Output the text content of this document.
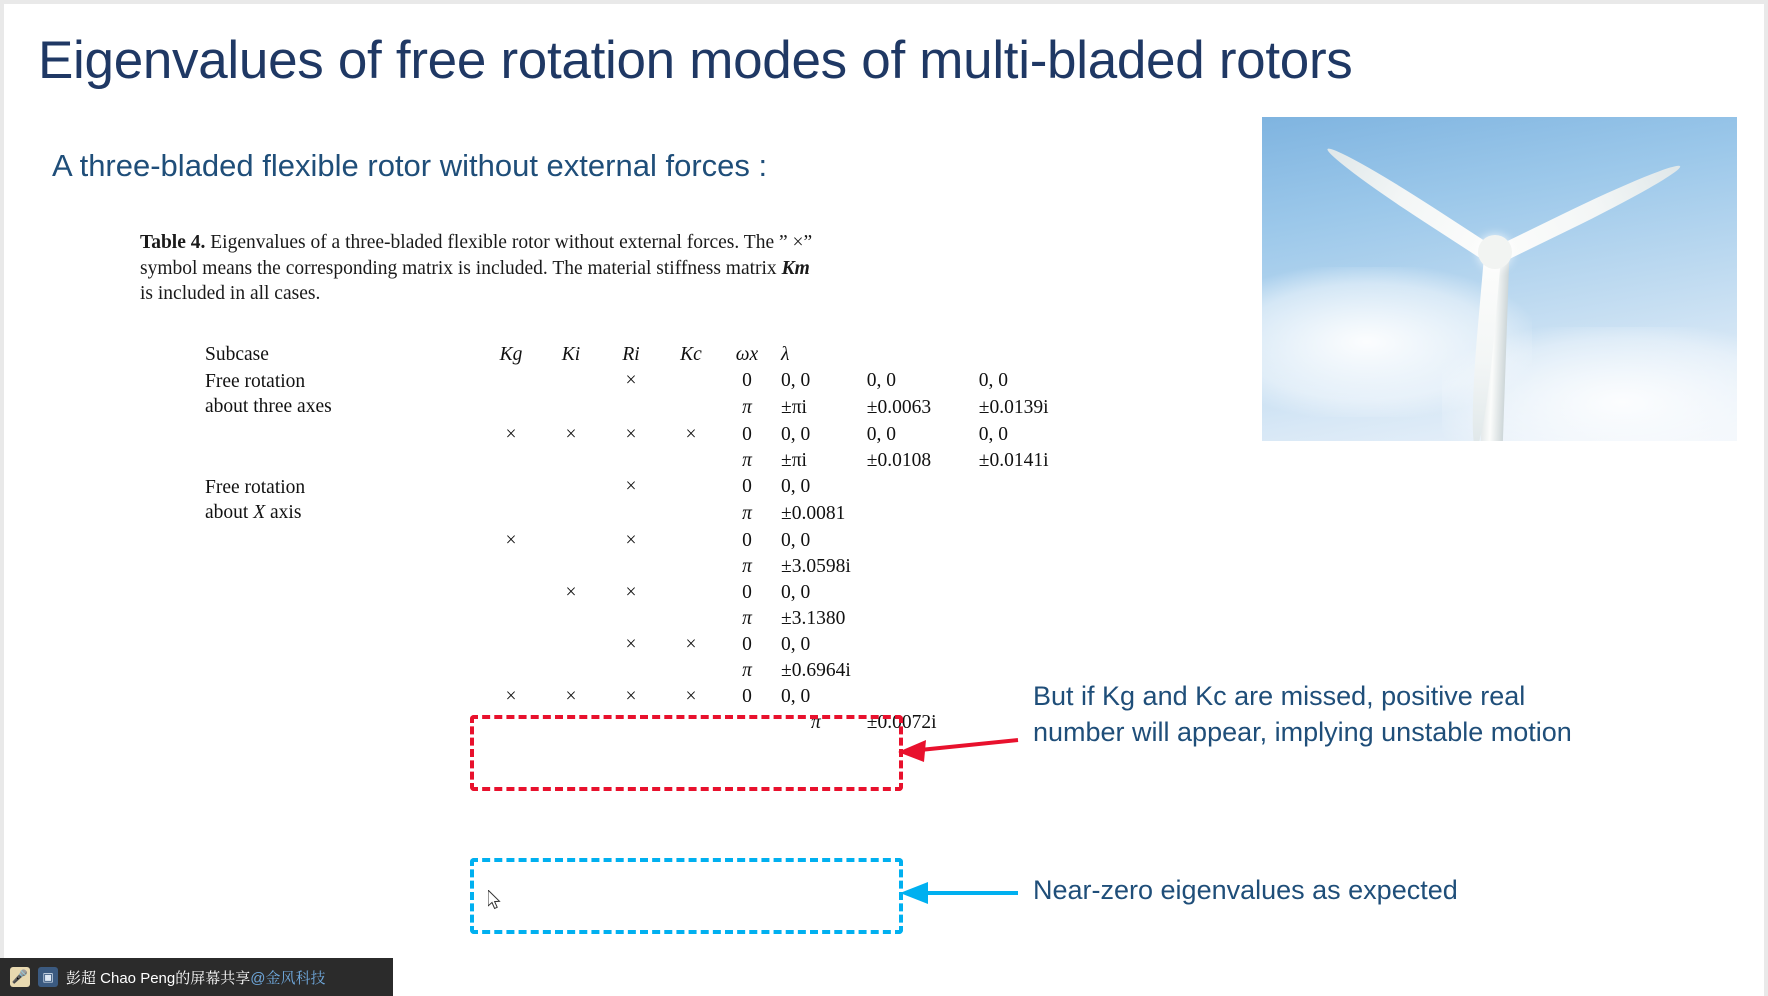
Eigenvalues of free rotation modes of multi-bladed rotors
A three-bladed flexible rotor without external forces :
Table 4. Eigenvalues of a three-bladed flexible rotor without external forces. The ” ×”
symbol means the corresponding matrix is included. The material stiffness matrix Km
is included in all cases.
Subcase	Kg	Ki	Ri	Kc	ωx	λ			
Free rotation
about three axes			×		0	0, 0	0, 0	0, 0	
					π	±πi	±0.0063	±0.0139i	
	×	×	×	×	0	0, 0	0, 0	0, 0	
					π	±πi	±0.0108	±0.0141i	
Free rotation
about X axis			×		0	0, 0			
					π	±0.0081			
	×		×		0	0, 0			
					π	±3.0598i			
		×	×		0	0, 0			
					π	±3.1380			
			×	×	0	0, 0			
					π	±0.6964i			
	×	×	×	×	0	0, 0			
						π	±0.0072i		
But if Kg and Kc are missed, positive real
number will appear, implying unstable motion
Near-zero eigenvalues as expected
🎤	▣ 彭超 Chao Peng的屏幕共享@金风科技
